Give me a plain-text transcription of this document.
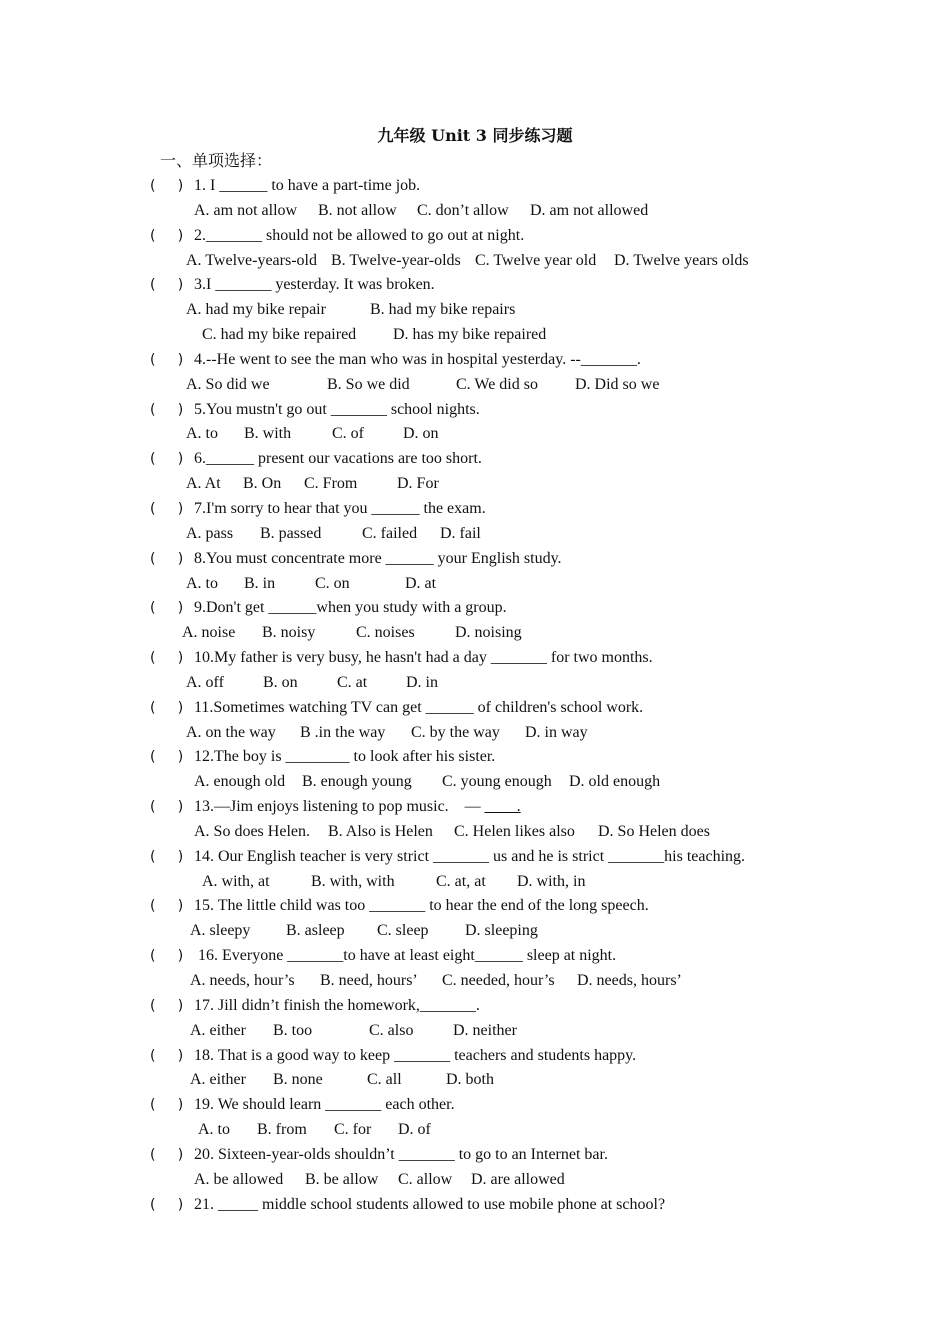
九年级 Unit 3 同步练习题
一、单项选择：
(     ) 1. I ______ to have a part-time job.
A. am not allow B. not allow C. don’t allow D. am not allowed
(     ) 2._______ should not be allowed to go out at night.
A. Twelve-years-old B. Twelve-year-olds C. Twelve year old D. Twelve years olds
(     ) 3.I _______ yesterday. It was broken.
A. had my bike repair	B. had my bike repairs
C. had my bike repaired D. has my bike repaired
(     ) 4.--He went to see the man who was in hospital yesterday. --_______.
A. So did we	B. So we did	C. We did so D. Did so we
(     ) 5.You mustn't go out _______ school nights.
A. to B. with	C. of D. on
(     ) 6.______ present our vacations are too short.
A. At B. On C. From D. For
(     ) 7.I'm sorry to hear that you ______ the exam.
A. pass B. passed	C. failed D. fail
(     ) 8.You must concentrate more ______ your English study.
A. to B. in C. on	D. at
(     ) 9.Don't get ______when you study with a group.
A. noise B. noisy	C. noises	D. noising
(     ) 10.My father is very busy, he hasn't had a day _______ for two months.
A. off B. on C. at D. in
(     ) 11.Sometimes watching TV can get ______ of children's school work.
A. on the way B .in the way C. by the way D. in way
(     ) 12.The boy is ________ to look after his sister.
A. enough old B. enough young C. young enough D. old enough
(     ) 13.—Jim enjoys listening to pop music.    — ____.
A. So does Helen. B. Also is Helen C. Helen likes also D. So Helen does
(     ) 14. Our English teacher is very strict _______ us and he is strict _______his teaching.
A. with, at	B. with, with	C. at, at D. with, in
(     ) 15. The little child was too _______ to hear the end of the long speech.
A. sleepy B. asleep C. sleep D. sleeping
(     ) 16. Everyone _______to have at least eight______ sleep at night.
A. needs, hour’s B. need, hours’ C. needed, hour’s D. needs, hours’
(     ) 17. Jill didn’t finish the homework,_______.
A. either B. too	C. also D. neither
(     ) 18. That is a good way to keep _______ teachers and students happy.
A. either B. none	C. all	D. both
(     ) 19. We should learn _______ each other.
A. to B. from C. for D. of
(     ) 20. Sixteen-year-olds shouldn’t _______ to go to an Internet bar.
A. be allowed B. be allow C. allow D. are allowed
(     ) 21. _____ middle school students allowed to use mobile phone at school?
